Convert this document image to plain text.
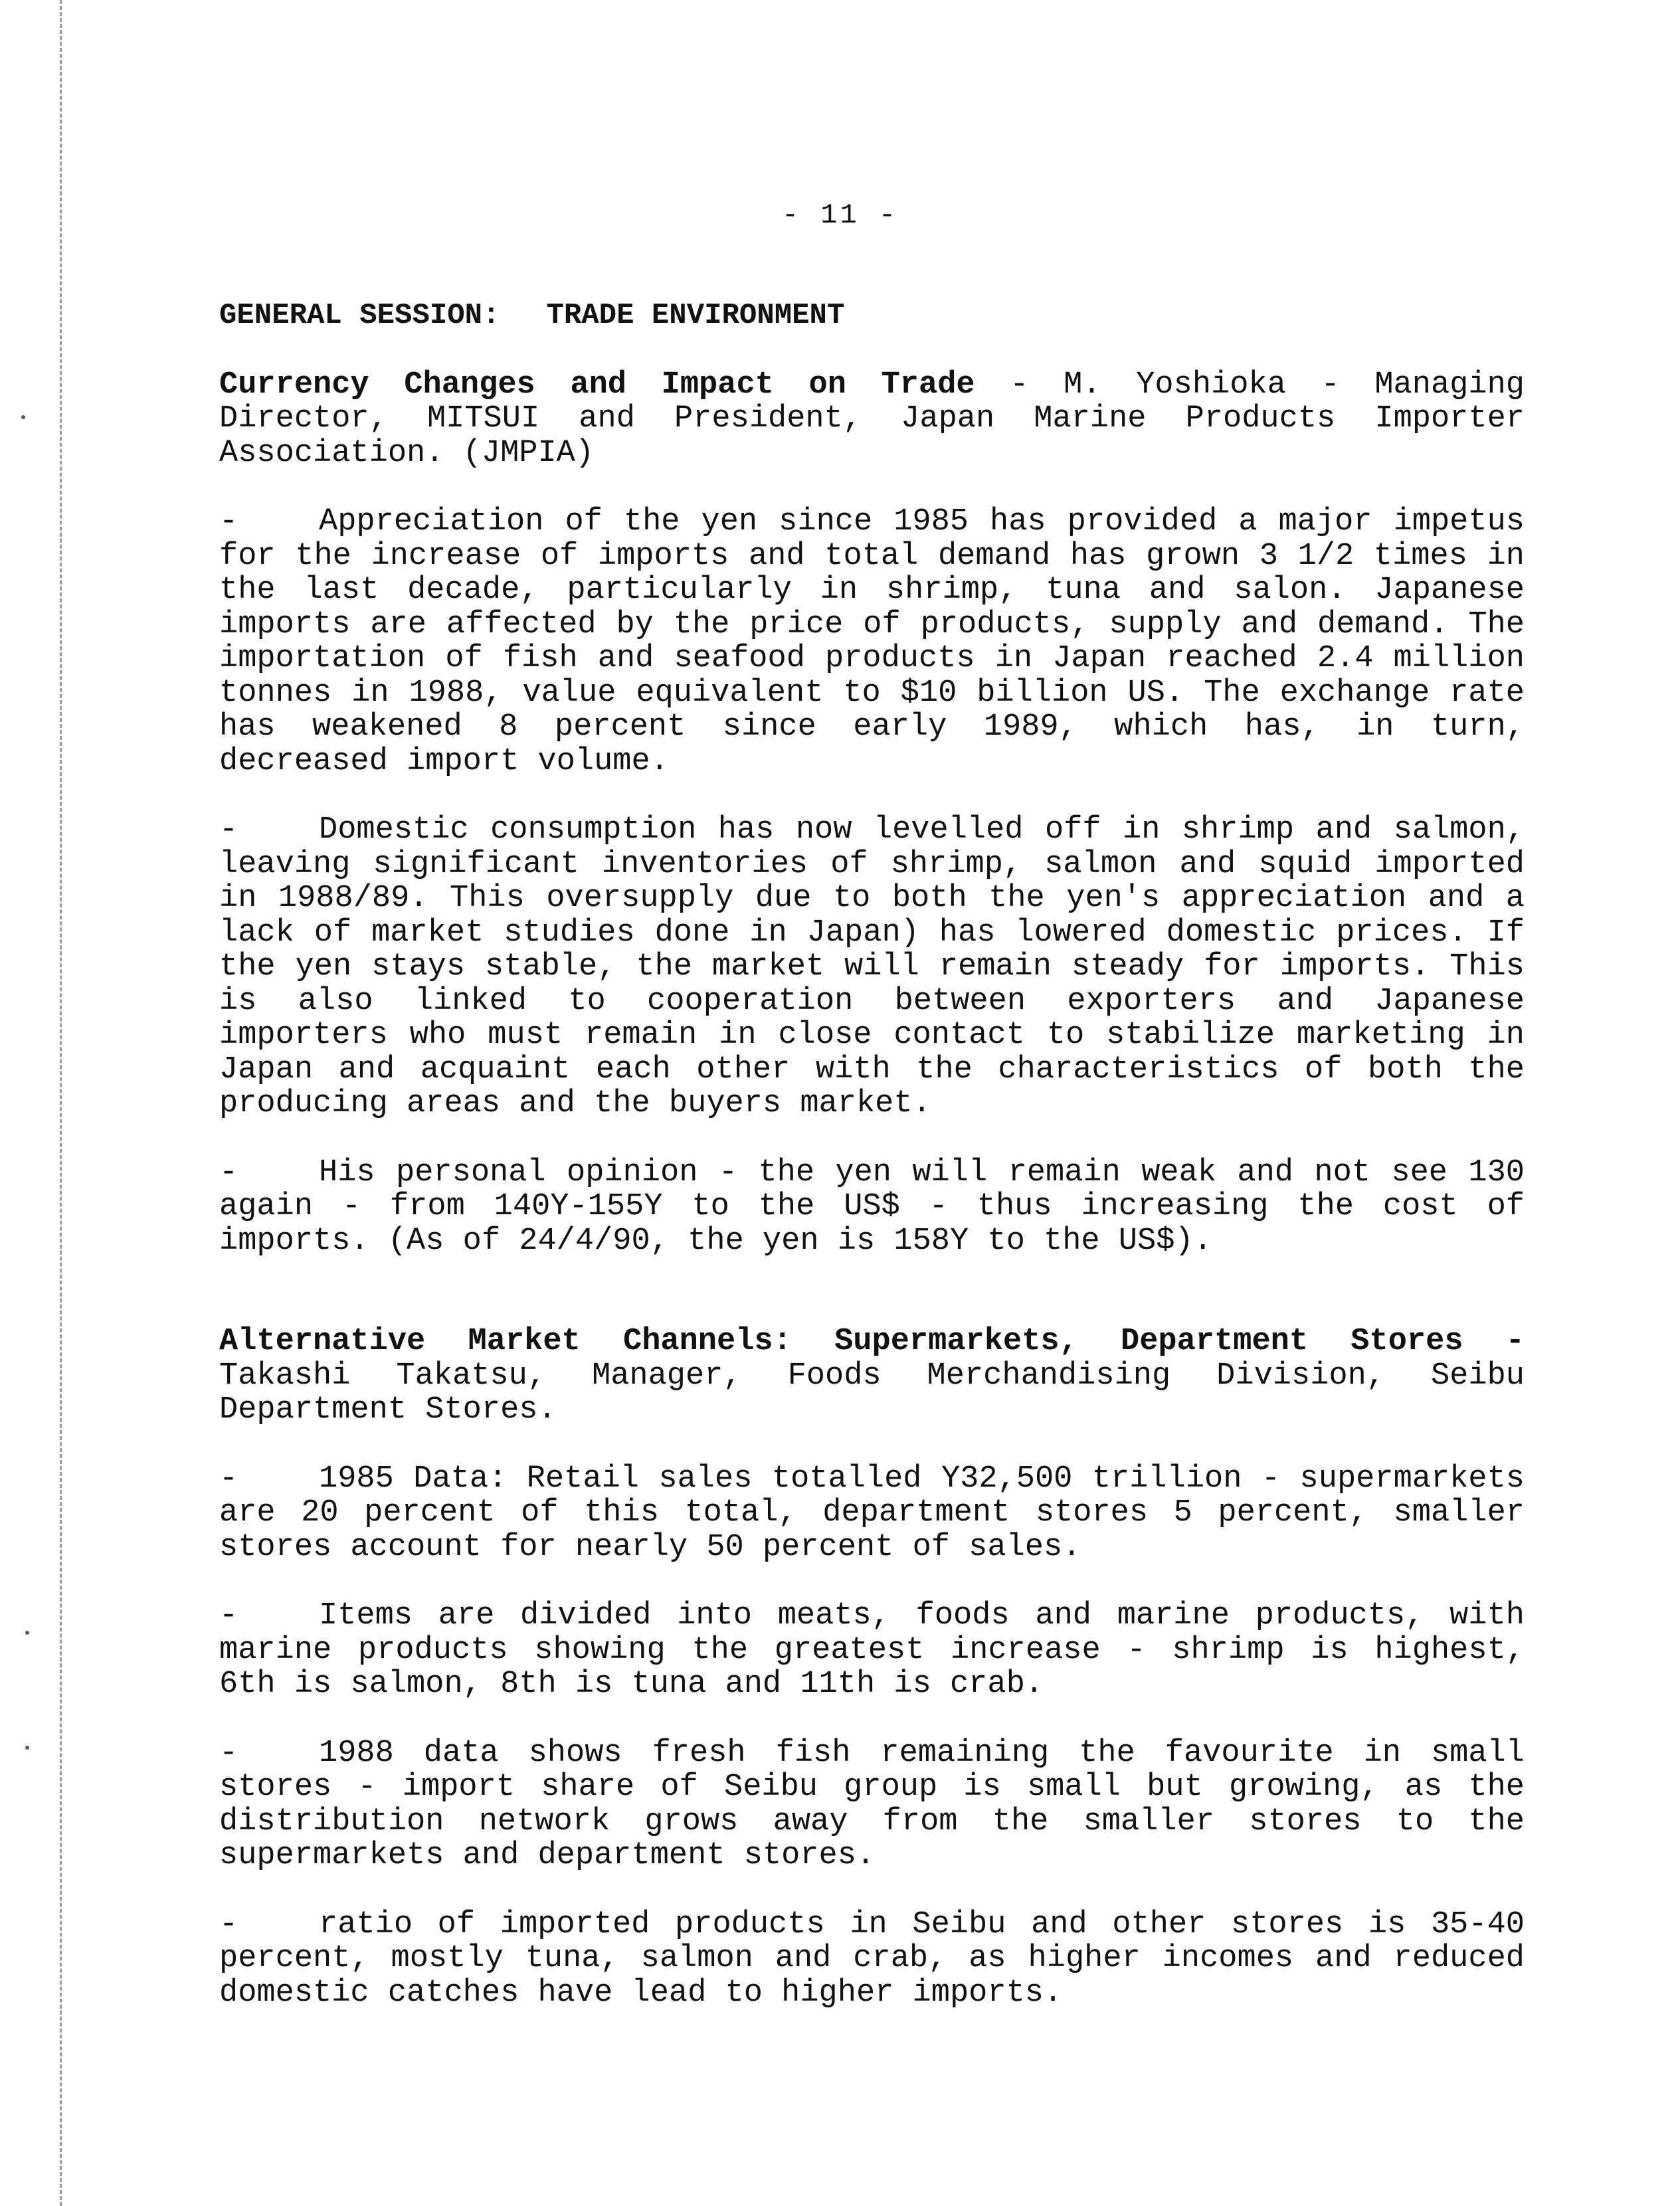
- 11 -

GENERAL SESSION: TRADE ENVIRONMENT

Currency Changes and Impact on Trade - M. Yoshioka - Managing Director, MITSUI and President, Japan Marine Products Importer Association. (JMPIA)

-	Appreciation of the yen since 1985 has provided a major impetus for the increase of imports and total demand has grown 3 1/2 times in the last decade, particularly in shrimp, tuna and salon. Japanese imports are affected by the price of products, supply and demand. The importation of fish and seafood products in Japan reached 2.4 million tonnes in 1988, value equivalent to $10 billion US. The exchange rate has weakened 8 percent since early 1989, which has, in turn, decreased import volume.

-	Domestic consumption has now levelled off in shrimp and salmon, leaving significant inventories of shrimp, salmon and squid imported in 1988/89. This oversupply due to both the yen's appreciation and a lack of market studies done in Japan) has lowered domestic prices. If the yen stays stable, the market will remain steady for imports. This is also linked to cooperation between exporters and Japanese importers who must remain in close contact to stabilize marketing in Japan and acquaint each other with the characteristics of both the producing areas and the buyers market.

-	His personal opinion - the yen will remain weak and not see 130 again - from 140Y-155Y to the US$ - thus increasing the cost of imports. (As of 24/4/90, the yen is 158Y to the US$).

Alternative Market Channels: Supermarkets, Department Stores - Takashi Takatsu, Manager, Foods Merchandising Division, Seibu Department Stores.

-	1985 Data: Retail sales totalled Y32,500 trillion - supermarkets are 20 percent of this total, department stores 5 percent, smaller stores account for nearly 50 percent of sales.

-	Items are divided into meats, foods and marine products, with marine products showing the greatest increase - shrimp is highest, 6th is salmon, 8th is tuna and 11th is crab.

-	1988 data shows fresh fish remaining the favourite in small stores - import share of Seibu group is small but growing, as the distribution network grows away from the smaller stores to the supermarkets and department stores.

-	ratio of imported products in Seibu and other stores is 35-40 percent, mostly tuna, salmon and crab, as higher incomes and reduced domestic catches have lead to higher imports.
